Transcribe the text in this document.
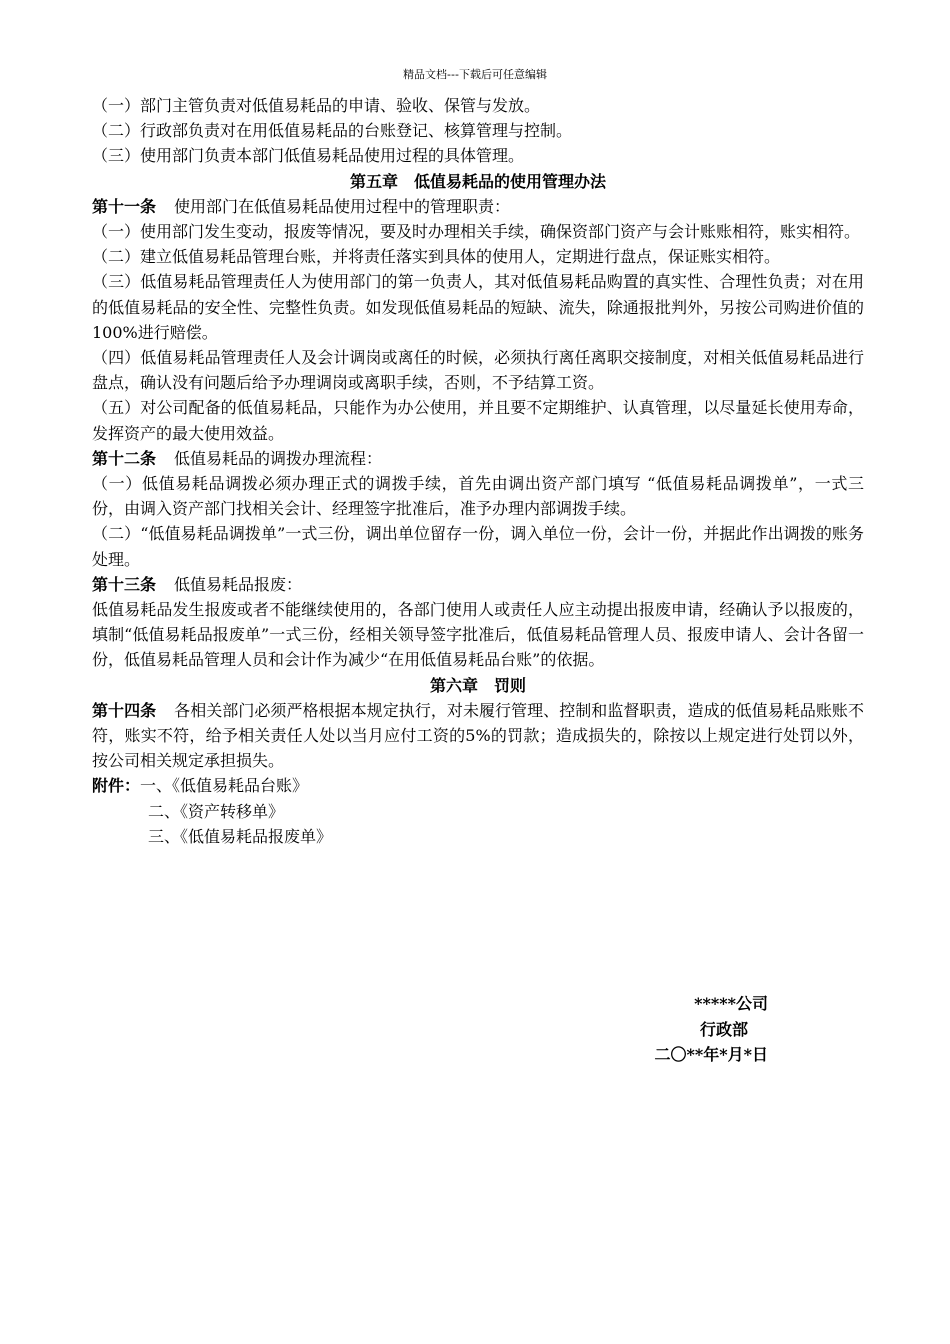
精品文档---下载后可任意编辑

（一）部门主管负责对低值易耗品的申请、验收、保管与发放。

（二）行政部负责对在用低值易耗品的台账登记、核算管理与控制。

（三）使用部门负责本部门低值易耗品使用过程的具体管理。

第五章　低值易耗品的使用管理办法

第十一条 使用部门在低值易耗品使用过程中的管理职责：

（一）使用部门发生变动，报废等情况，要及时办理相关手续，确保资部门资产与会计账账相符，账实相符。

（二）建立低值易耗品管理台账，并将责任落实到具体的使用人，定期进行盘点，保证账实相符。

（三）低值易耗品管理责任人为使用部门的第一负责人，其对低值易耗品购置的真实性、合理性负责；对在用的低值易耗品的安全性、完整性负责。如发现低值易耗品的短缺、流失，除通报批判外，另按公司购进价值的100%进行赔偿。

（四）低值易耗品管理责任人及会计调岗或离任的时候，必须执行离任离职交接制度，对相关低值易耗品进行盘点，确认没有问题后给予办理调岗或离职手续，否则，不予结算工资。

（五）对公司配备的低值易耗品，只能作为办公使用，并且要不定期维护、认真管理，以尽量延长使用寿命，发挥资产的最大使用效益。

第十二条 低值易耗品的调拨办理流程：

（一）低值易耗品调拨必须办理正式的调拨手续，首先由调出资产部门填写 “低值易耗品调拨单”，一式三份，由调入资产部门找相关会计、经理签字批准后，准予办理内部调拨手续。

（二）“低值易耗品调拨单”一式三份，调出单位留存一份，调入单位一份，会计一份，并据此作出调拨的账务处理。

第十三条 低值易耗品报废：

低值易耗品发生报废或者不能继续使用的，各部门使用人或责任人应主动提出报废申请，经确认予以报废的，填制“低值易耗品报废单”一式三份，经相关领导签字批准后，低值易耗品管理人员、报废申请人、会计各留一份，低值易耗品管理人员和会计作为减少“在用低值易耗品台账”的依据。

第六章　罚则

第十四条 各相关部门必须严格根据本规定执行，对未履行管理、控制和监督职责，造成的低值易耗品账账不符，账实不符，给予相关责任人处以当月应付工资的5%的罚款；造成损失的，除按以上规定进行处罚以外，按公司相关规定承担损失。

附件：一、《低值易耗品台账》

二、《资产转移单》

三、《低值易耗品报废单》

*****公司
行政部
二〇**年*月*日
